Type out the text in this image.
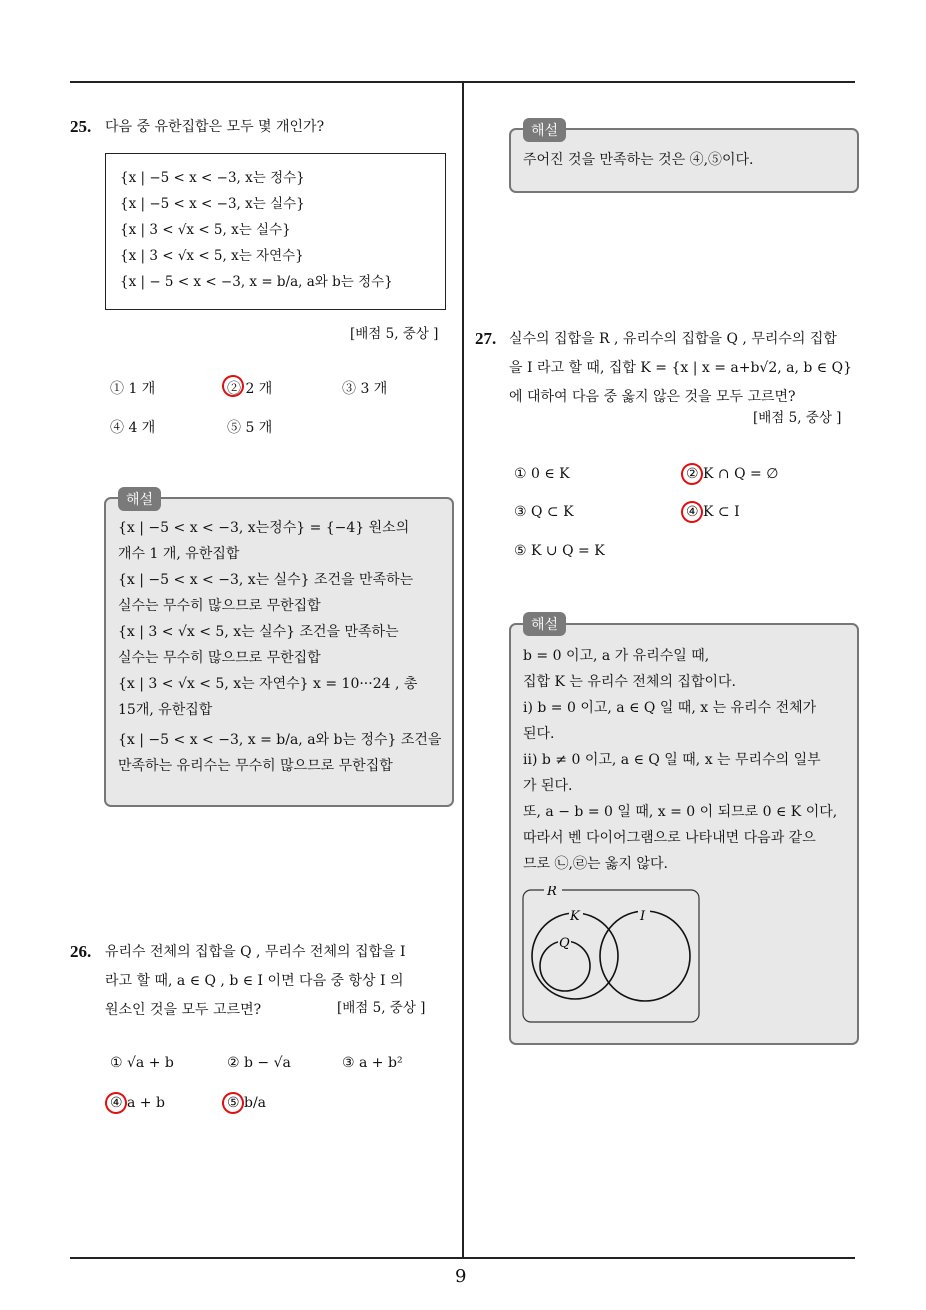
9
25. 다음 중 유한집합은 모두 몇 개인가?
{x | −5 < x < −3, x는 정수}
{x | −5 < x < −3, x는 실수}
{x | 3 < √x < 5, x는 실수}
{x | 3 < √x < 5, x는 자연수}
{x | − 5 < x < −3, x = b/a, a와 b는 정수}
[배점 5, 중상 ]
① 1 개	② 2 개	③ 3 개
④ 4 개	⑤ 5 개
{x | −5 < x < −3, x는정수} = {−4} 원소의
개수 1 개, 유한집합
{x | −5 < x < −3, x는 실수} 조건을 만족하는
실수는 무수히 많으므로 무한집합
{x | 3 < √x < 5, x는 실수} 조건을 만족하는
실수는 무수히 많으므로 무한집합
{x | 3 < √x < 5, x는 자연수} x = 10···24 , 총
15개, 유한집합
{x | −5 < x < −3, x = b/a, a와 b는 정수} 조건을
만족하는 유리수는 무수히 많으므로 무한집합
해설
26. 유리수 전체의 집합을 Q , 무리수 전체의 집합을 I
라고 할 때, a ∈ Q , b ∈ I 이면 다음 중 항상 I 의
원소인 것을 모두 고르면?	[배점 5, 중상 ]
① √a + b	② b − √a	③ a + b²
④ a + b	⑤ b/a
주어진 것을 만족하는 것은 ④,⑤이다.
해설
27. 실수의 집합을 R , 유리수의 집합을 Q , 무리수의 집합
을 I 라고 할 때, 집합 K = {x | x = a+b√2, a, b ∈ Q}
에 대하여 다음 중 옳지 않은 것을 모두 고르면?
[배점 5, 중상 ]
① 0 ∈ K	② K ∩ Q = ∅
③ Q ⊂ K	④ K ⊂ I
⑤ K ∪ Q = K
b = 0 이고, a 가 유리수일 때,
집합 K 는 유리수 전체의 집합이다.
ⅰ) b = 0 이고, a ∈ Q 일 때, x 는 유리수 전체가
된다.
ⅱ) b ≠ 0 이고, a ∈ Q 일 때, x 는 무리수의 일부
가 된다.
또, a − b = 0 일 때, x = 0 이 되므로 0 ∈ K 이다,
따라서 벤 다이어그램으로 나타내면 다음과 같으
므로 ㉡,㉣는 옳지 않다.
R
K	I
Q
해설
